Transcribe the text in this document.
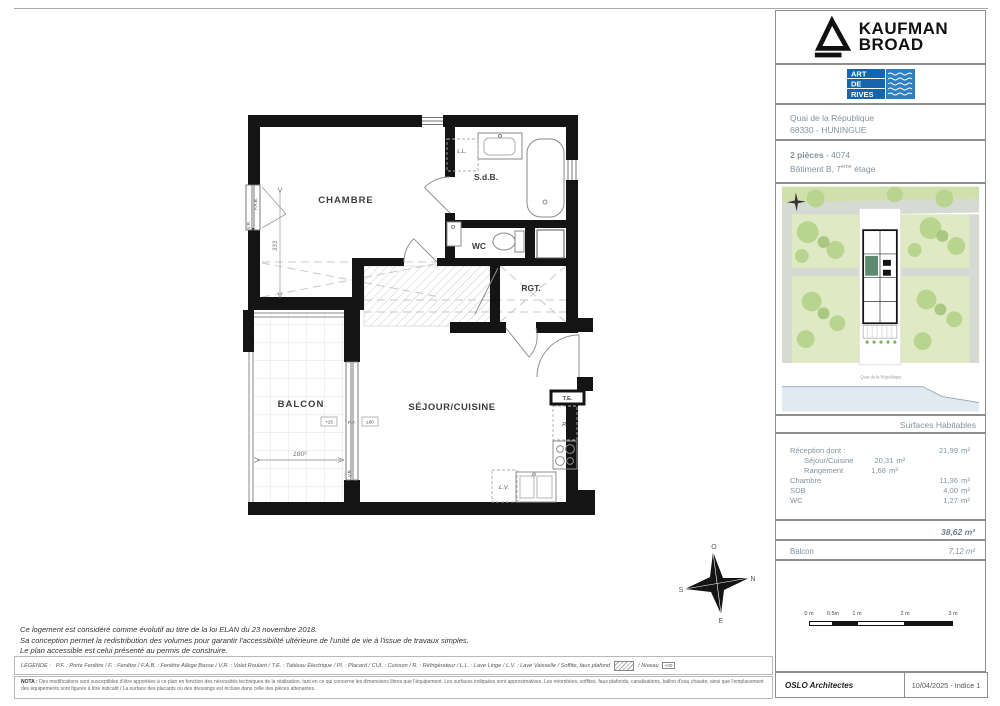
CHAMBRE
S.d.B.
WC
RGT.
BALCON	SÉJOUR/CUISINE
L.L.
T.E.
R.
L.V.
P.F.
+15	±00
V.R.
F.A.B.
V.R.
333
180⁵
O
N
E
S
KAUFMAN
BROAD
ART
DE
RIVES
Quai de la République
68330 - HUNINGUE
2 pièces - 4074
Bâtiment B, 7ème étage
Quai de la République
Surfaces Habitables
Réception dont :	21,99 m²
Séjour/Cuisine	20,31 m²
Rangement	1,68 m²
Chambre	11,36 m²
SDB	4,00 m²
WC	1,27 m²
38,62 m²
Balcon	7,12 m²
0 m 0.5m 1 m	2 m	3 m
OSLO Architectes	10/04/2025 - Indice 1
Ce logement est considéré comme évolutif au titre de la loi ELAN du 23 novembre 2018.
Sa conception permet la redistribution des volumes pour garantir l'accessibilité ultérieure de l'unité de vie à l'issue de travaux simples.
Le plan accessible est celui présenté au permis de construire.
LÉGENDE : P.F. : Porte Fenêtre / F. : Fenêtre / F.A.B. : Fenêtre Allège Basse / V.R. : Volet Roulant / T.E. : Tableau Électrique / Pl. : Placard / CUI. : Cuisson / R. : Réfrigérateur / L.L. : Lave Linge / L.V. : Lave Vaisselle / Soffite, faux plafond	/ Niveau	+00
NOTA : Des modifications sont susceptibles d'être apportées à ce plan en fonction des nécessités techniques de la réalisation, tant en ce qui concerne les dimensions libres que l'équipement. Les surfaces indiquées sont approximatives. Les retombées, soffites, faux plafonds, canalisations, ballon d'eau chaude, ainsi que l'emplacement des équipements sont figurés à titre indicatif / La surface des placards ou des dressings est incluse dans celle des pièces attenantes.
